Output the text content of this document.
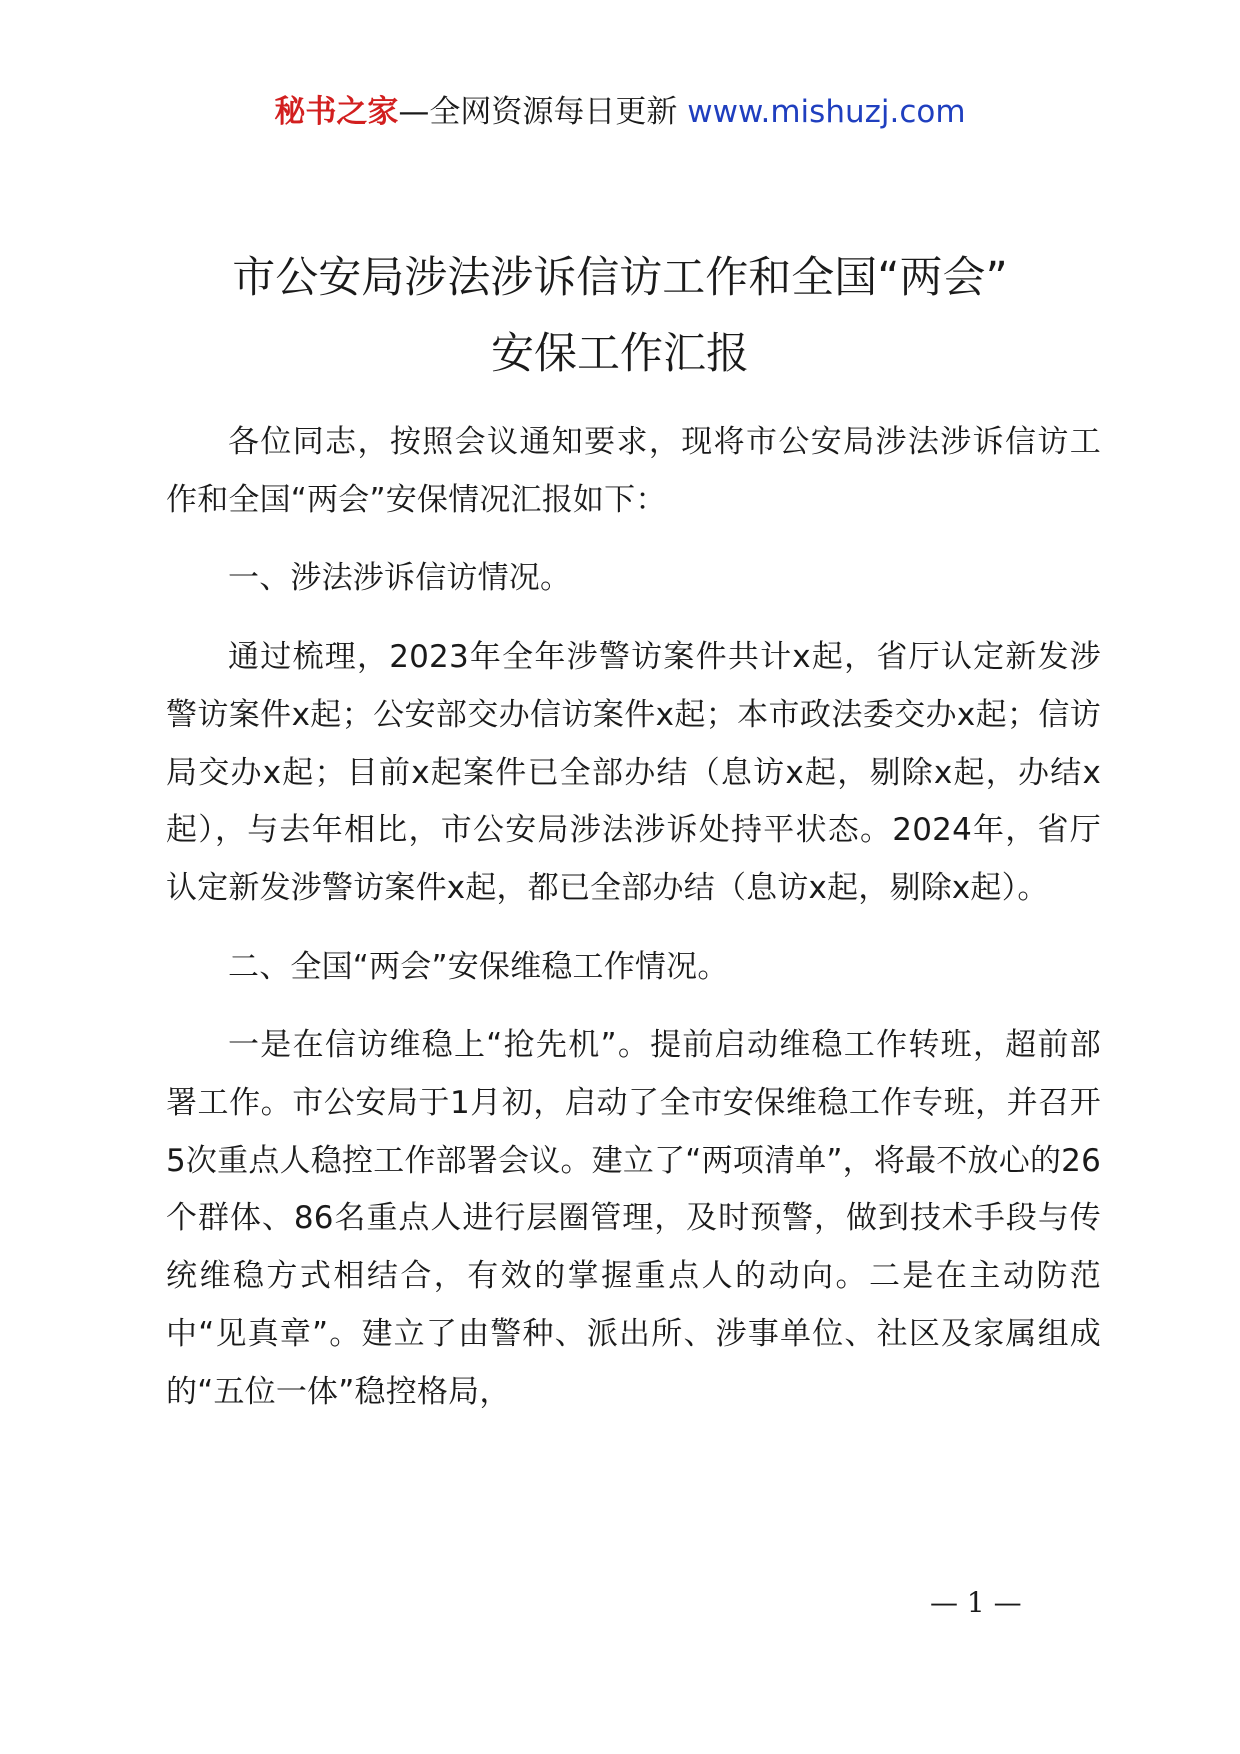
秘书之家—全网资源每日更新 www.mishuzj.com
市公安局涉法涉诉信访工作和全国“两会”
安保工作汇报

各位同志，按照会议通知要求，现将市公安局涉法涉诉信访工作和全国“两会”安保情况汇报如下：

一、涉法涉诉信访情况。

通过梳理，2023年全年涉警访案件共计x起，省厅认定新发涉警访案件x起；公安部交办信访案件x起；本市政法委交办x起；信访局交办x起；目前x起案件已全部办结（息访x起，剔除x起，办结x起），与去年相比，市公安局涉法涉诉处持平状态。2024年，省厅认定新发涉警访案件x起，都已全部办结（息访x起，剔除x起）。

二、全国“两会”安保维稳工作情况。

一是在信访维稳上“抢先机”。提前启动维稳工作转班，超前部署工作。市公安局于1月初，启动了全市安保维稳工作专班，并召开5次重点人稳控工作部署会议。建立了“两项清单”，将最不放心的26个群体、86名重点人进行层圈管理，及时预警，做到技术手段与传统维稳方式相结合，有效的掌握重点人的动向。二是在主动防范中“见真章”。建立了由警种、派出所、涉事单位、社区及家属组成的“五位一体”稳控格局，

— 1 —
